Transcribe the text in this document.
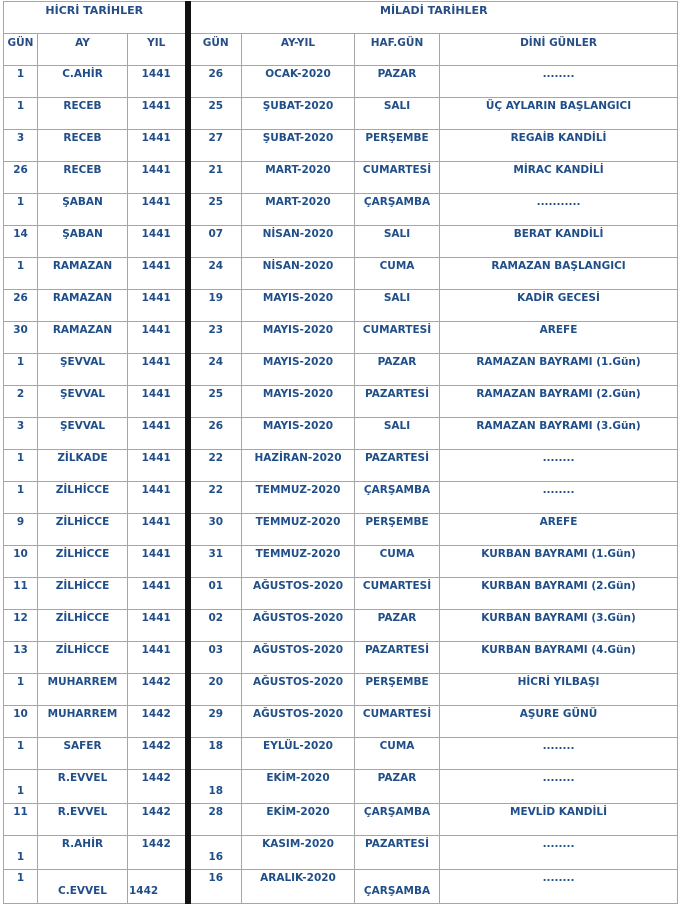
HİCRİ TARİHLER			MİLADİ TARİHLER			
GÜN	AY	YIL	GÜN	AY-YIL	HAF.GÜN	DİNİ GÜNLER
1	C.AHİR	1441	26	OCAK-2020	PAZAR	........
1	RECEB	1441	25	ŞUBAT-2020	SALI	ÜÇ AYLARIN BAŞLANGICI
3	RECEB	1441	27	ŞUBAT-2020	PERŞEMBE	REGAİB KANDİLİ
26	RECEB	1441	21	MART-2020	CUMARTESİ	MİRAC KANDİLİ
1	ŞABAN	1441	25	MART-2020	ÇARŞAMBA	...........
14	ŞABAN	1441	07	NİSAN-2020	SALI	BERAT KANDİLİ
1	RAMAZAN	1441	24	NİSAN-2020	CUMA	RAMAZAN BAŞLANGICI
26	RAMAZAN	1441	19	MAYIS-2020	SALI	KADİR GECESİ
30	RAMAZAN	1441	23	MAYIS-2020	CUMARTESİ	AREFE
1	ŞEVVAL	1441	24	MAYIS-2020	PAZAR	RAMAZAN BAYRAMI (1.Gün)
2	ŞEVVAL	1441	25	MAYIS-2020	PAZARTESİ	RAMAZAN BAYRAMI (2.Gün)
3	ŞEVVAL	1441	26	MAYIS-2020	SALI	RAMAZAN BAYRAMI (3.Gün)
1	ZİLKADE	1441	22	HAZİRAN-2020	PAZARTESİ	........
1	ZİLHİCCE	1441	22	TEMMUZ-2020	ÇARŞAMBA	........
9	ZİLHİCCE	1441	30	TEMMUZ-2020	PERŞEMBE	AREFE
10	ZİLHİCCE	1441	31	TEMMUZ-2020	CUMA	KURBAN BAYRAMI (1.Gün)
11	ZİLHİCCE	1441	01	AĞUSTOS-2020	CUMARTESİ	KURBAN BAYRAMI (2.Gün)
12	ZİLHİCCE	1441	02	AĞUSTOS-2020	PAZAR	KURBAN BAYRAMI (3.Gün)
13	ZİLHİCCE	1441	03	AĞUSTOS-2020	PAZARTESİ	KURBAN BAYRAMI (4.Gün)
1	MUHARREM	1442	20	AĞUSTOS-2020	PERŞEMBE	HİCRİ YILBAŞI
10	MUHARREM	1442	29	AĞUSTOS-2020	CUMARTESİ	AŞURE GÜNÜ
1	SAFER	1442	18	EYLÜL-2020	CUMA	........
1	R.EVVEL	1442	18	EKİM-2020	PAZAR	........
11	R.EVVEL	1442	28	EKİM-2020	ÇARŞAMBA	MEVLİD KANDİLİ
1	R.AHİR	1442	16	KASIM-2020	PAZARTESİ	........
1	C.EVVEL	1442	16	ARALIK-2020	ÇARŞAMBA	........
